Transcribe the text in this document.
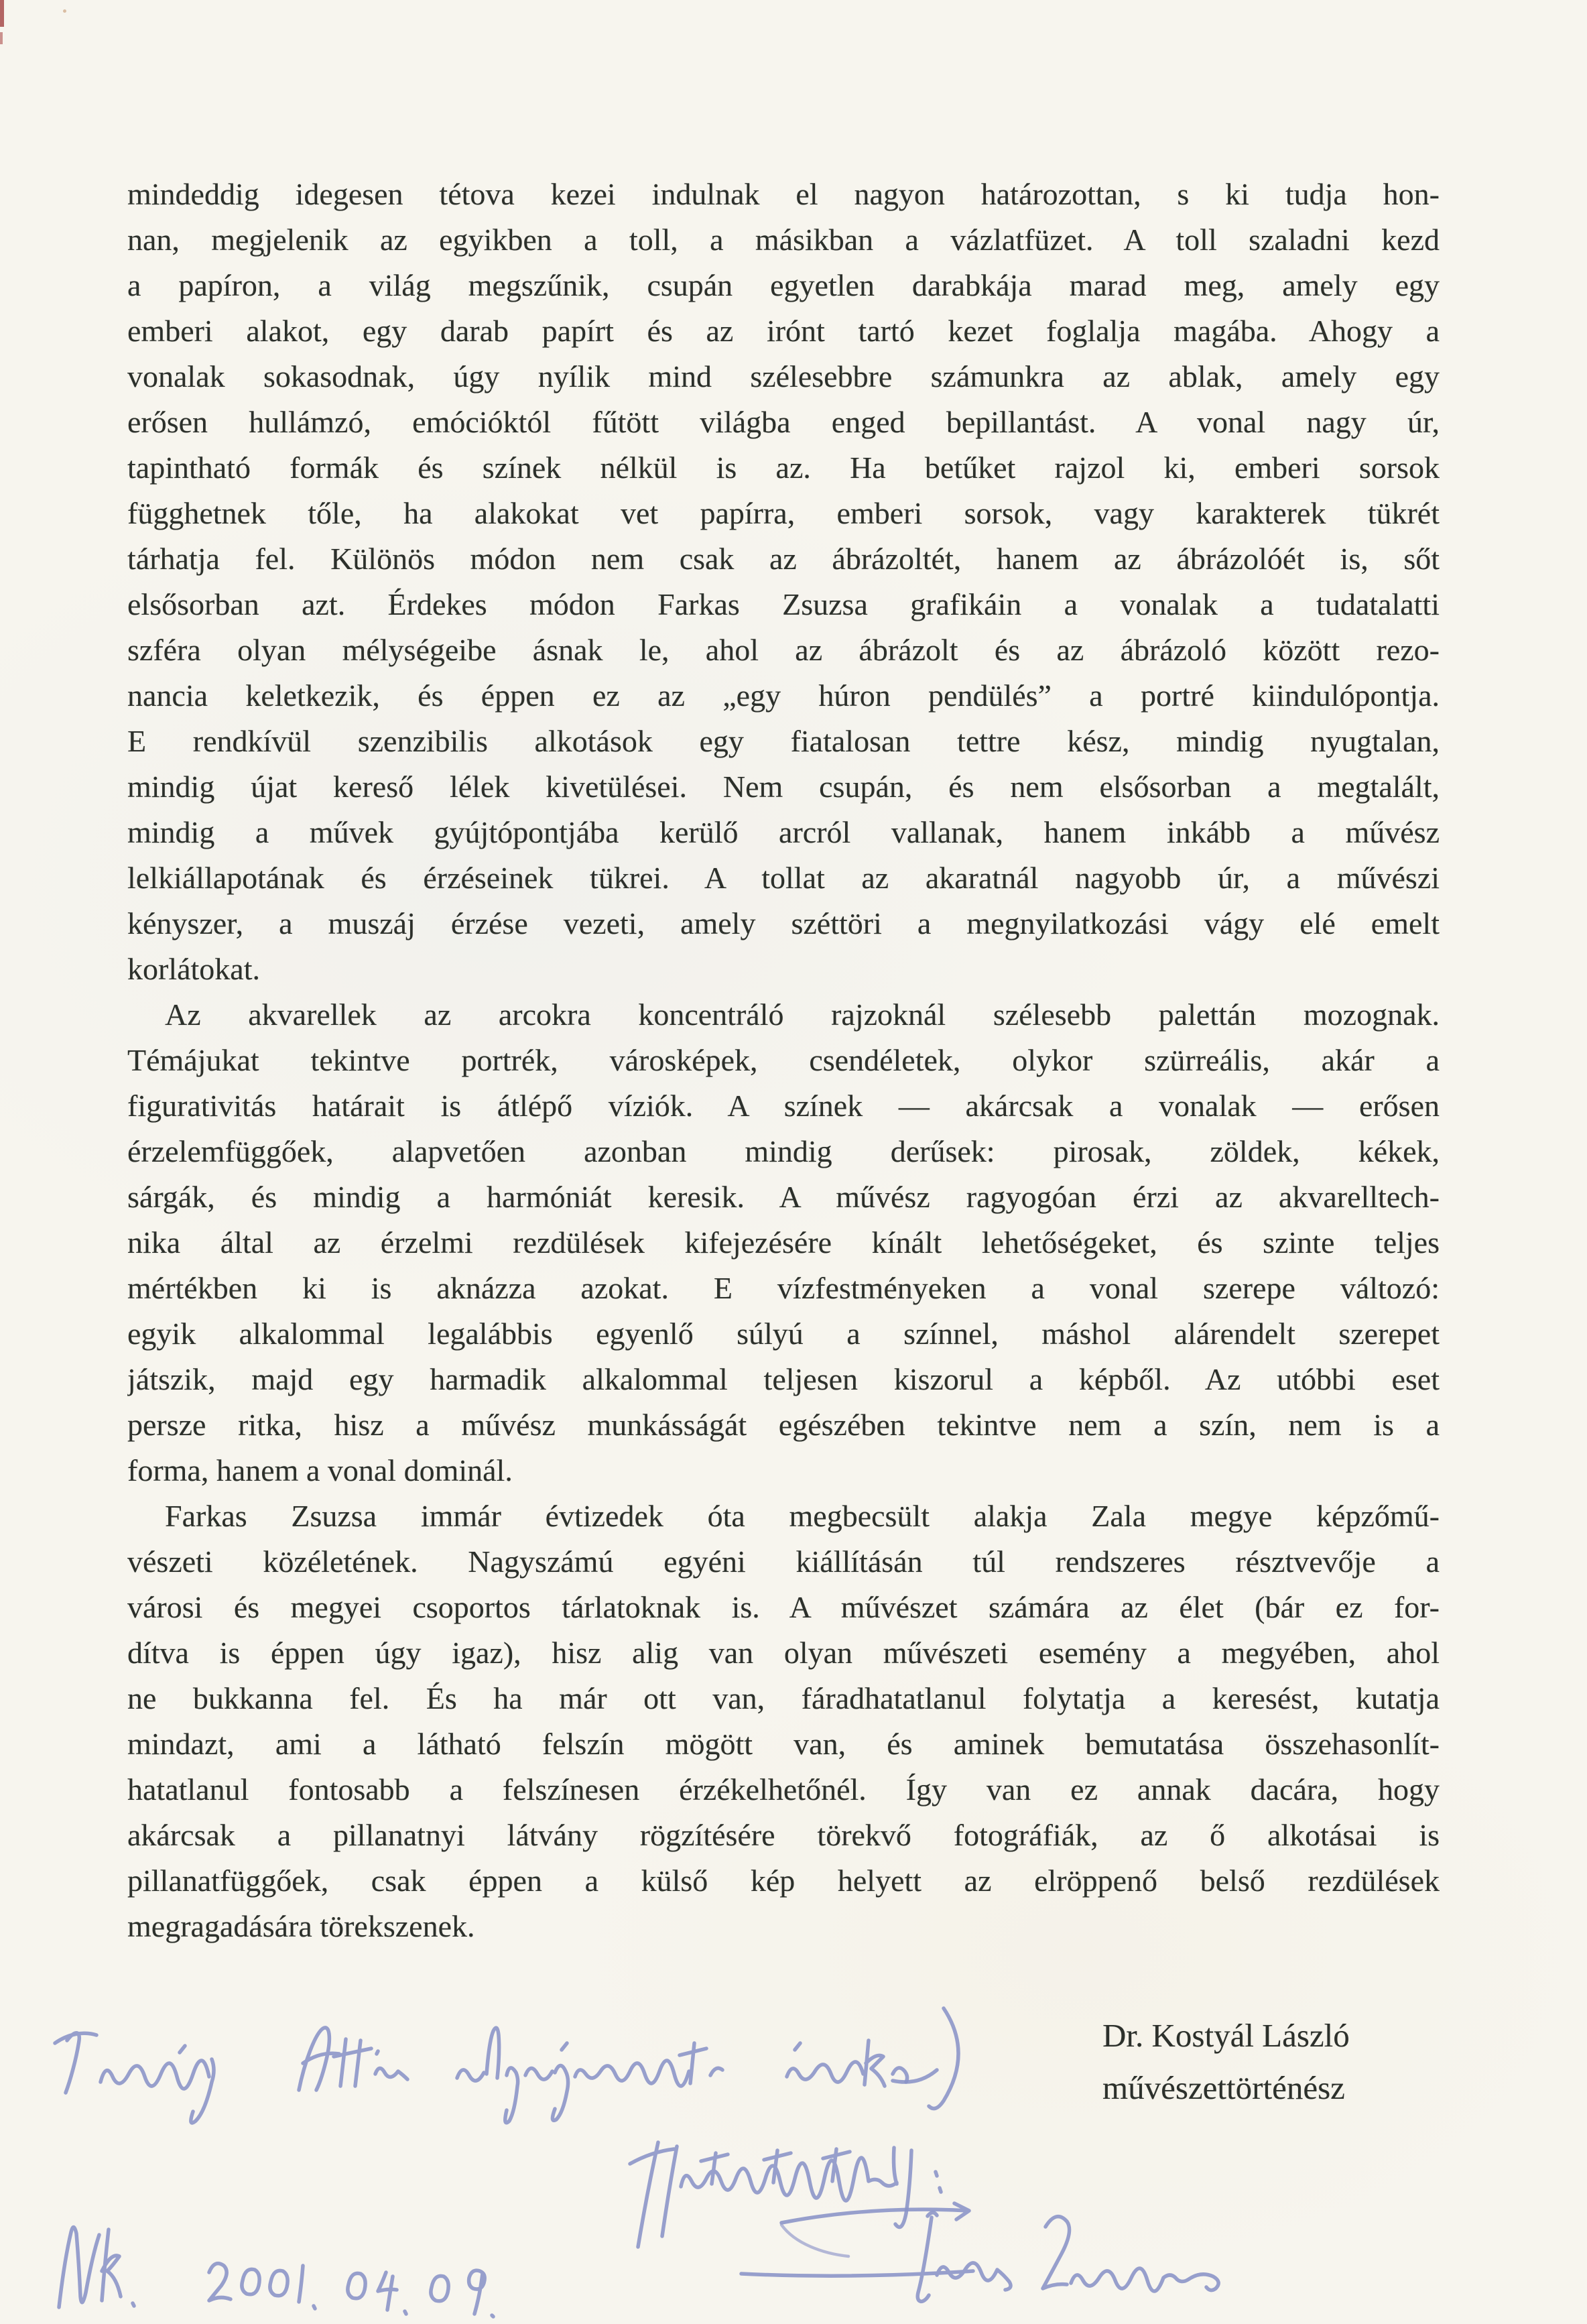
mindeddig idegesen tétova kezei indulnak el nagyon határozottan, s ki tudja hon-
nan, megjelenik az egyikben a toll, a másikban a vázlatfüzet. A toll szaladni kezd
a papíron, a világ megszűnik, csupán egyetlen darabkája marad meg, amely egy
emberi alakot, egy darab papírt és az irónt tartó kezet foglalja magába. Ahogy a
vonalak sokasodnak, úgy nyílik mind szélesebbre számunkra az ablak, amely egy
erősen hullámzó, emócióktól fűtött világba enged bepillantást. A vonal nagy úr,
tapintható formák és színek nélkül is az. Ha betűket rajzol ki, emberi sorsok
függhetnek tőle, ha alakokat vet papírra, emberi sorsok, vagy karakterek tükrét
tárhatja fel. Különös módon nem csak az ábrázoltét, hanem az ábrázolóét is, sőt
elsősorban azt. Érdekes módon Farkas Zsuzsa grafikáin a vonalak a tudatalatti
szféra olyan mélységeibe ásnak le, ahol az ábrázolt és az ábrázoló között rezo-
nancia keletkezik, és éppen ez az „egy húron pendülés” a portré kiindulópontja.
E rendkívül szenzibilis alkotások egy fiatalosan tettre kész, mindig nyugtalan,
mindig újat kereső lélek kivetülései. Nem csupán, és nem elsősorban a megtalált,
mindig a művek gyújtópontjába kerülő arcról vallanak, hanem inkább a művész
lelkiállapotának és érzéseinek tükrei. A tollat az akaratnál nagyobb úr, a művészi
kényszer, a muszáj érzése vezeti, amely széttöri a megnyilatkozási vágy elé emelt
korlátokat.
Az akvarellek az arcokra koncentráló rajzoknál szélesebb palettán mozognak.
Témájukat tekintve portrék, városképek, csendéletek, olykor szürreális, akár a
figurativitás határait is átlépő víziók. A színek — akárcsak a vonalak — erősen
érzelemfüggőek, alapvetően azonban mindig derűsek: pirosak, zöldek, kékek,
sárgák, és mindig a harmóniát keresik. A művész ragyogóan érzi az akvarelltech-
nika által az érzelmi rezdülések kifejezésére kínált lehetőségeket, és szinte teljes
mértékben ki is aknázza azokat. E vízfestményeken a vonal szerepe változó:
egyik alkalommal legalábbis egyenlő súlyú a színnel, máshol alárendelt szerepet
játszik, majd egy harmadik alkalommal teljesen kiszorul a képből. Az utóbbi eset
persze ritka, hisz a művész munkásságát egészében tekintve nem a szín, nem is a
forma, hanem a vonal dominál.
Farkas Zsuzsa immár évtizedek óta megbecsült alakja Zala megye képzőmű-
vészeti közéletének. Nagyszámú egyéni kiállításán túl rendszeres résztvevője a
városi és megyei csoportos tárlatoknak is. A művészet számára az élet (bár ez for-
dítva is éppen úgy igaz), hisz alig van olyan művészeti esemény a megyében, ahol
ne bukkanna fel. És ha már ott van, fáradhatatlanul folytatja a keresést, kutatja
mindazt, ami a látható felszín mögött van, és aminek bemutatása összehasonlít-
hatatlanul fontosabb a felszínesen érzékelhetőnél. Így van ez annak dacára, hogy
akárcsak a pillanatnyi látvány rögzítésére törekvő fotográfiák, az ő alkotásai is
pillanatfüggőek, csak éppen a külső kép helyett az elröppenő belső rezdülések
megragadására törekszenek.
Dr. Kostyál László
művészettörténész
